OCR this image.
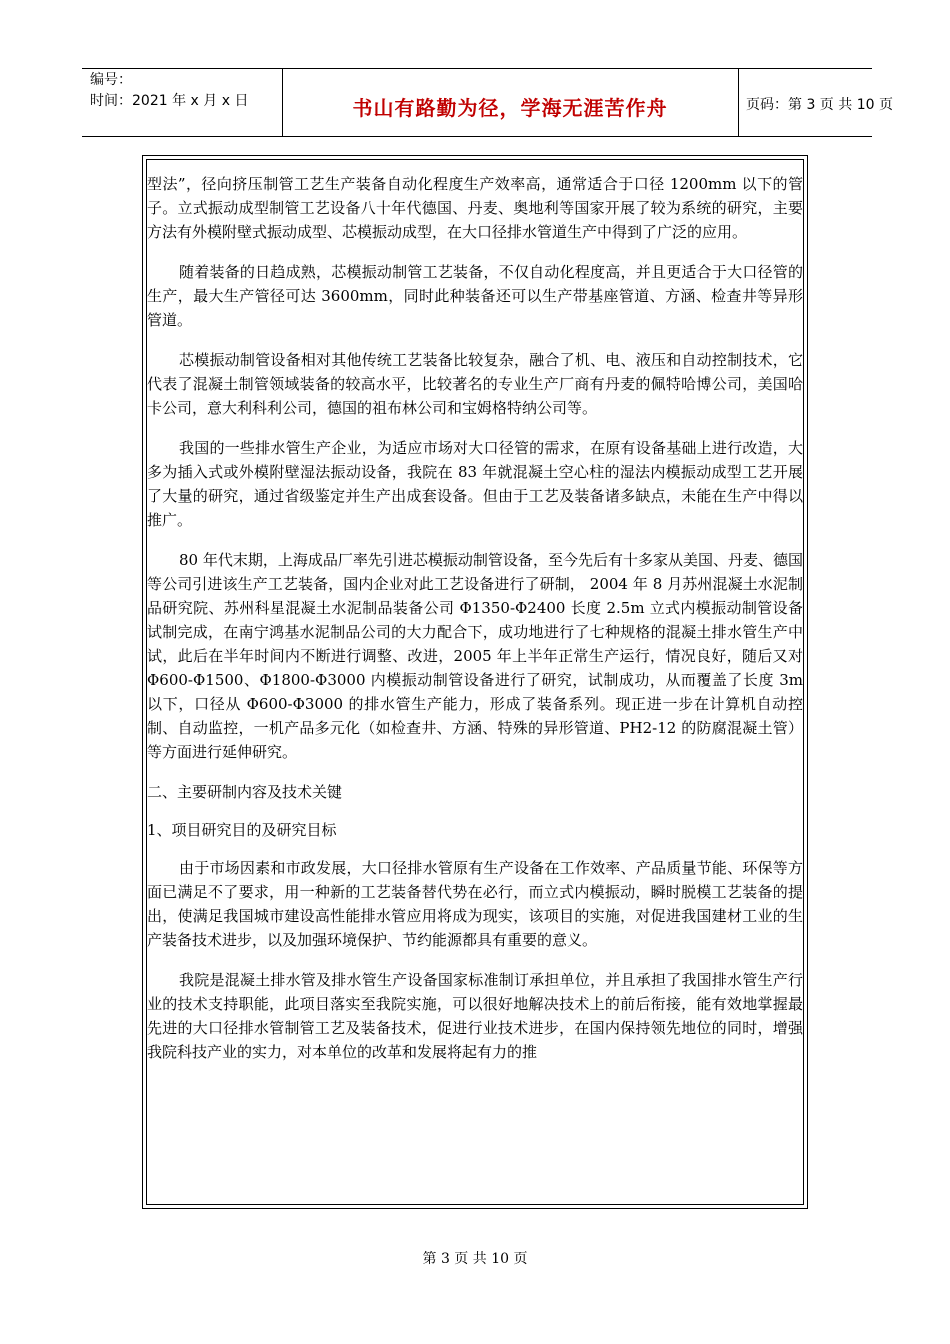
编号：
时间：2021 年 x 月 x 日	书山有路勤为径，学海无涯苦作舟	页码：第 3 页 共 10 页

型法”，径向挤压制管工艺生产装备自动化程度生产效率高，通常适合于口径 1200mm 以下的管子。立式振动成型制管工艺设备八十年代德国、丹麦、奥地利等国家开展了较为系统的研究，主要方法有外模附壁式振动成型、芯模振动成型，在大口径排水管道生产中得到了广泛的应用。

随着装备的日趋成熟，芯模振动制管工艺装备，不仅自动化程度高，并且更适合于大口径管的生产，最大生产管径可达 3600mm，同时此种装备还可以生产带基座管道、方涵、检查井等异形管道。

芯模振动制管设备相对其他传统工艺装备比较复杂，融合了机、电、液压和自动控制技术，它代表了混凝土制管领域装备的较高水平，比较著名的专业生产厂商有丹麦的佩特哈博公司，美国哈卡公司，意大利科利公司，德国的祖布林公司和宝姆格特纳公司等。

我国的一些排水管生产企业，为适应市场对大口径管的需求，在原有设备基础上进行改造，大多为插入式或外模附壁湿法振动设备，我院在 83 年就混凝土空心柱的湿法内模振动成型工艺开展了大量的研究，通过省级鉴定并生产出成套设备。但由于工艺及装备诸多缺点，未能在生产中得以推广。

80 年代末期，上海成品厂率先引进芯模振动制管设备，至今先后有十多家从美国、丹麦、德国等公司引进该生产工艺装备，国内企业对此工艺设备进行了研制， 2004 年 8 月苏州混凝土水泥制品研究院、苏州科星混凝土水泥制品装备公司 Φ1350-Φ2400 长度 2.5m 立式内模振动制管设备试制完成，在南宁鸿基水泥制品公司的大力配合下，成功地进行了七种规格的混凝土排水管生产中试，此后在半年时间内不断进行调整、改进，2005 年上半年正常生产运行，情况良好，随后又对 Φ600-Φ1500、Φ1800-Φ3000 内模振动制管设备进行了研究，试制成功，从而覆盖了长度 3m 以下，口径从 Φ600-Φ3000 的排水管生产能力，形成了装备系列。现正进一步在计算机自动控制、自动监控，一机产品多元化（如检查井、方涵、特殊的异形管道、PH2-12 的防腐混凝土管）等方面进行延伸研究。

二、主要研制内容及技术关键

1、项目研究目的及研究目标

由于市场因素和市政发展，大口径排水管原有生产设备在工作效率、产品质量节能、环保等方面已满足不了要求，用一种新的工艺装备替代势在必行，而立式内模振动，瞬时脱模工艺装备的提出，使满足我国城市建设高性能排水管应用将成为现实，该项目的实施，对促进我国建材工业的生产装备技术进步，以及加强环境保护、节约能源都具有重要的意义。

我院是混凝土排水管及排水管生产设备国家标准制订承担单位，并且承担了我国排水管生产行业的技术支持职能，此项目落实至我院实施，可以很好地解决技术上的前后衔接，能有效地掌握最先进的大口径排水管制管工艺及装备技术，促进行业技术进步，在国内保持领先地位的同时，增强我院科技产业的实力，对本单位的改革和发展将起有力的推

第 3 页 共 10 页
